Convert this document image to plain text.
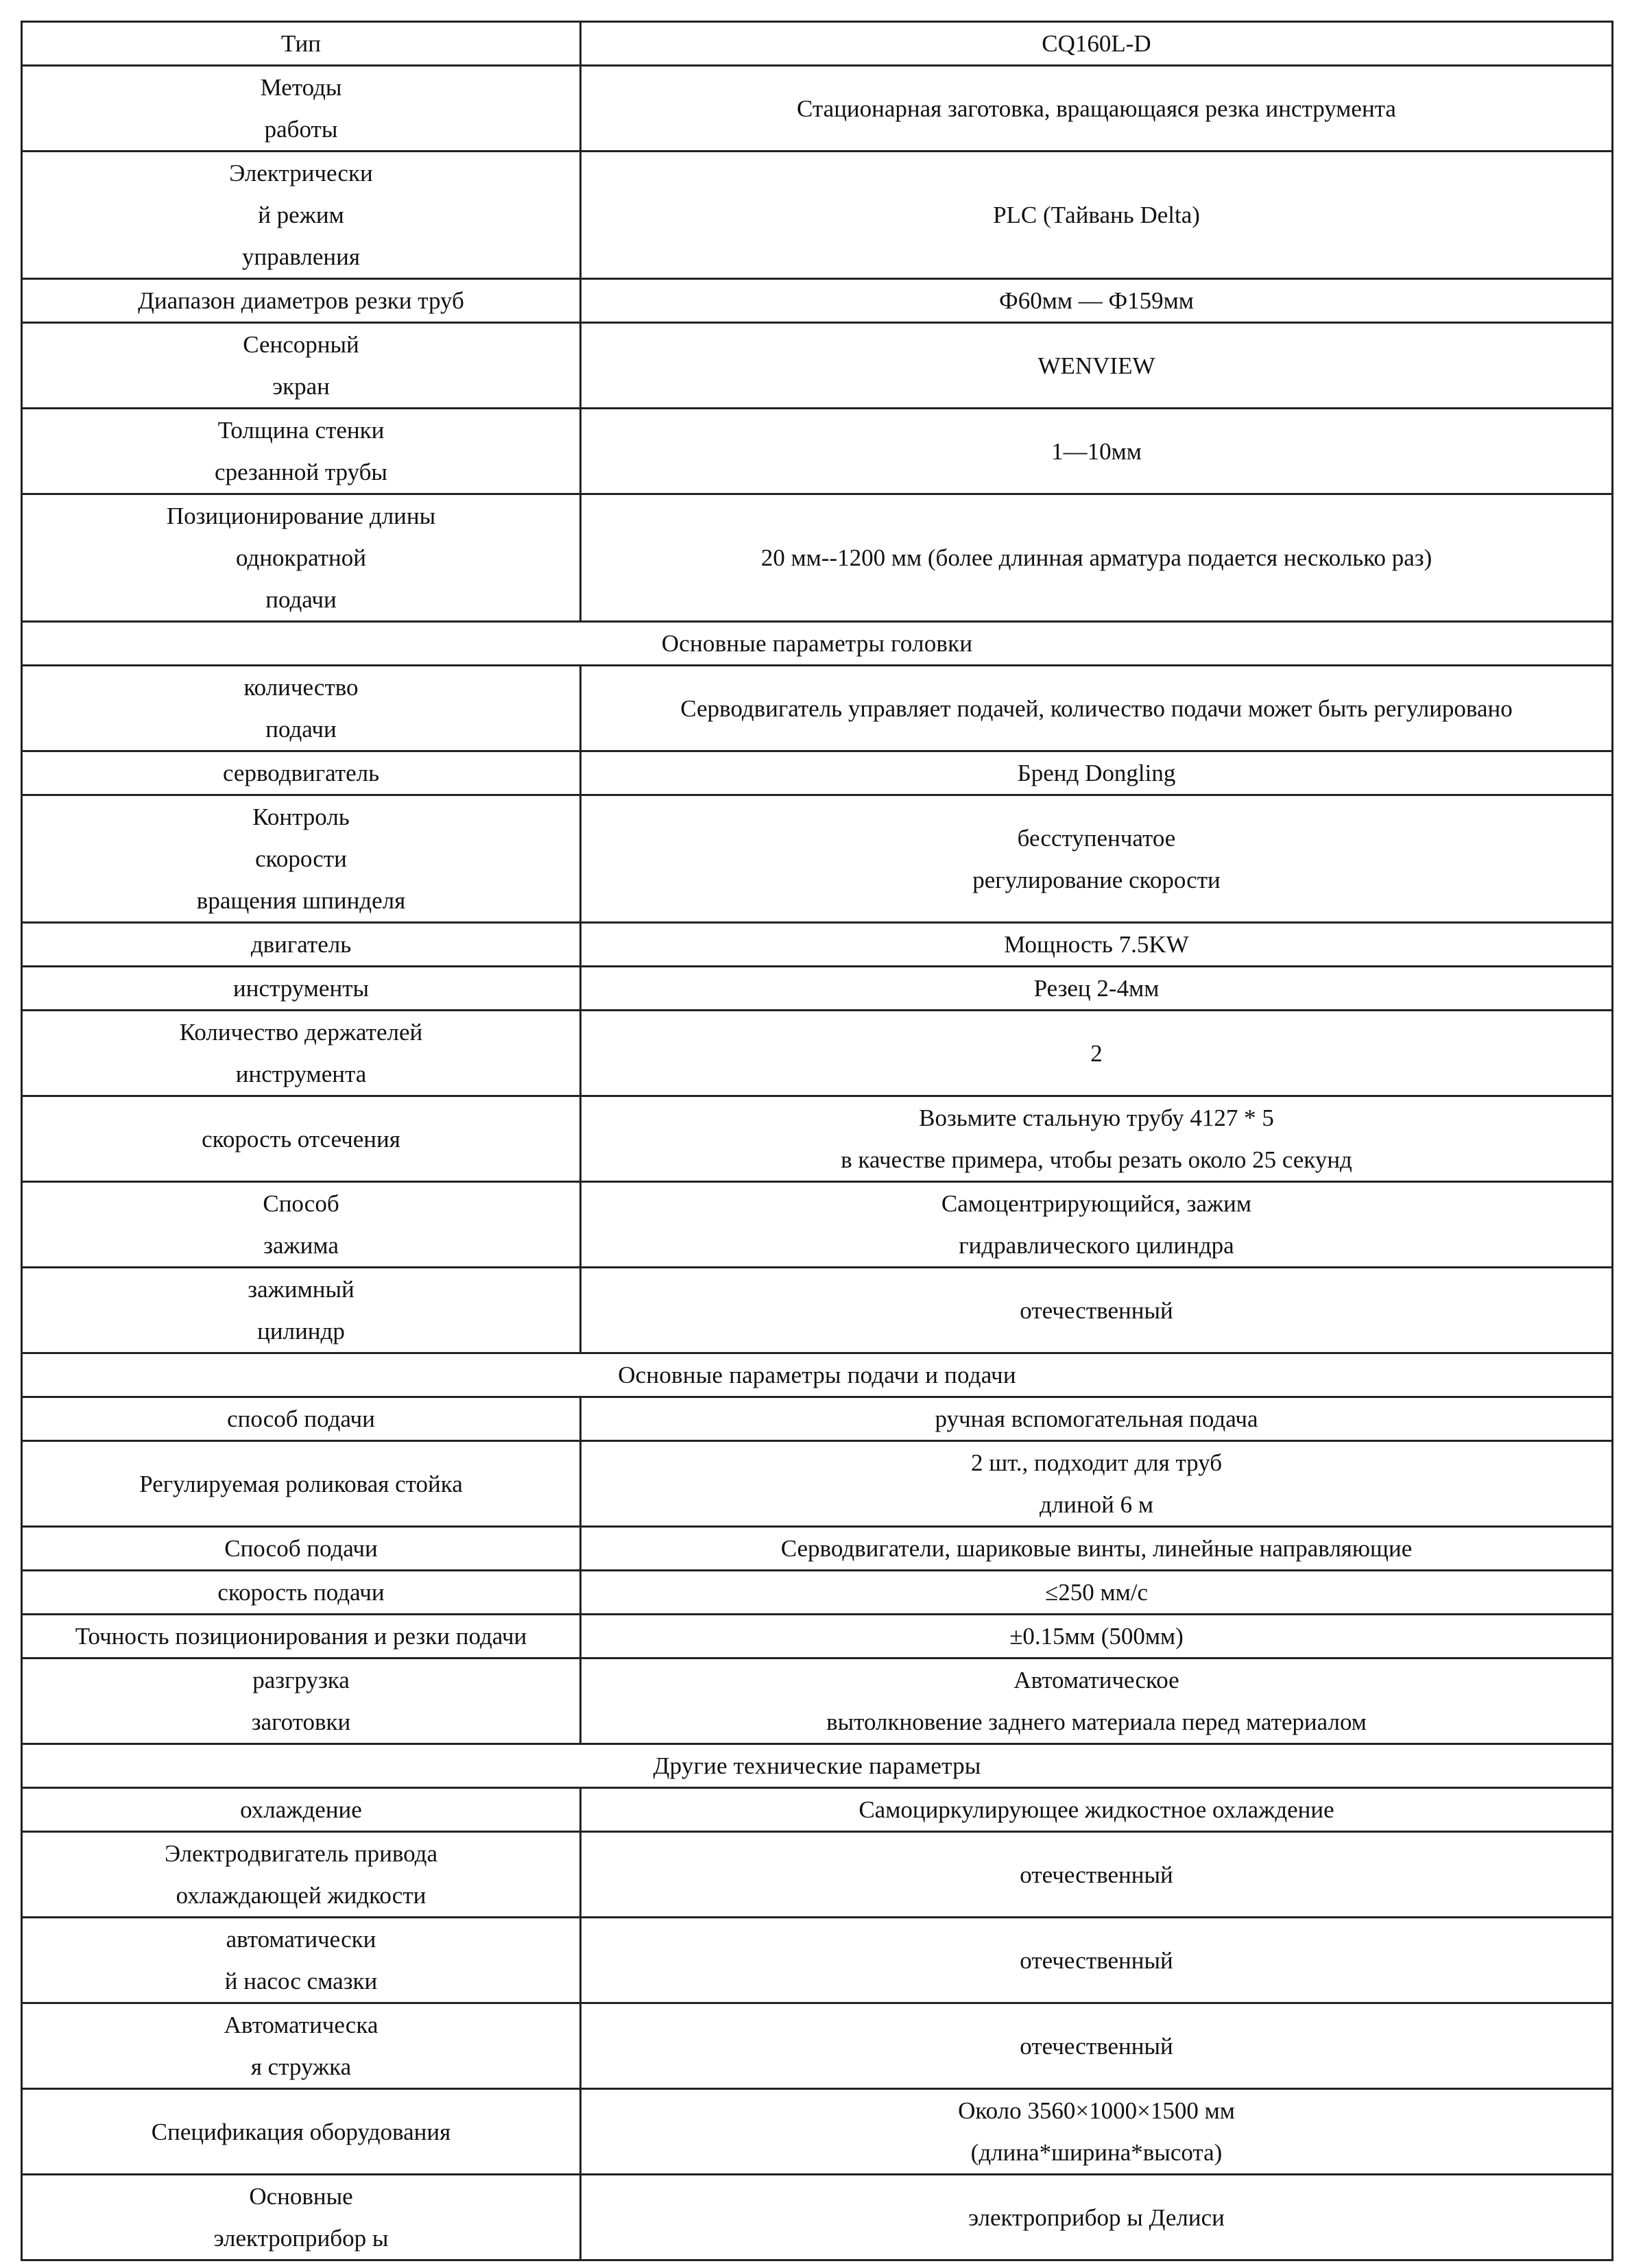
Тип	CQ160L-D

Методы
работы	Стационарная заготовка, вращающаяся резка инструмента

Электрически
й режим
управления	PLC (Тайвань Delta)

Диапазон диаметров резки труб	Ф60мм — Ф159мм

Сенсорный
экран	WENVIEW

Толщина стенки
срезанной трубы	1—10мм

Позиционирование длины
однократной
подачи	20 мм--1200 мм (более длинная арматура подается несколько раз)

Основные параметры головки	

количество
подачи	Серводвигатель управляет подачей, количество подачи может быть регулировано

серводвигатель	Бренд Dongling

Контроль
скорости
вращения шпинделя	бесступенчатое
регулирование скорости

двигатель	Мощность 7.5KW

инструменты	Резец 2-4мм

Количество держателей
инструмента	2

скорость отсечения	Возьмите стальную трубу 4127 * 5
в качестве примера, чтобы резать около 25 секунд

Способ
зажима	Самоцентрирующийся, зажим
гидравлического цилиндра

зажимный
цилиндр	отечественный

Основные параметры подачи и подачи	

способ подачи	ручная вспомогательная подача

Регулируемая роликовая стойка	2 шт., подходит для труб
длиной 6 м

Способ подачи	Серводвигатели, шариковые винты, линейные направляющие

скорость подачи	≤250 мм/с

Точность позиционирования и резки подачи	±0.15мм (500мм)

разгрузка
заготовки	Автоматическое
вытолкновение заднего материала перед материалом

Другие технические параметры	

охлаждение	Самоциркулирующее жидкостное охлаждение

Электродвигатель привода
охлаждающей жидкости	отечественный

автоматически
й насос смазки	отечественный

Автоматическа
я стружка	отечественный

Спецификация оборудования	Около 3560×1000×1500 мм
(длина*ширина*высота)

Основные
электроприбор ы	электроприбор ы Делиси
